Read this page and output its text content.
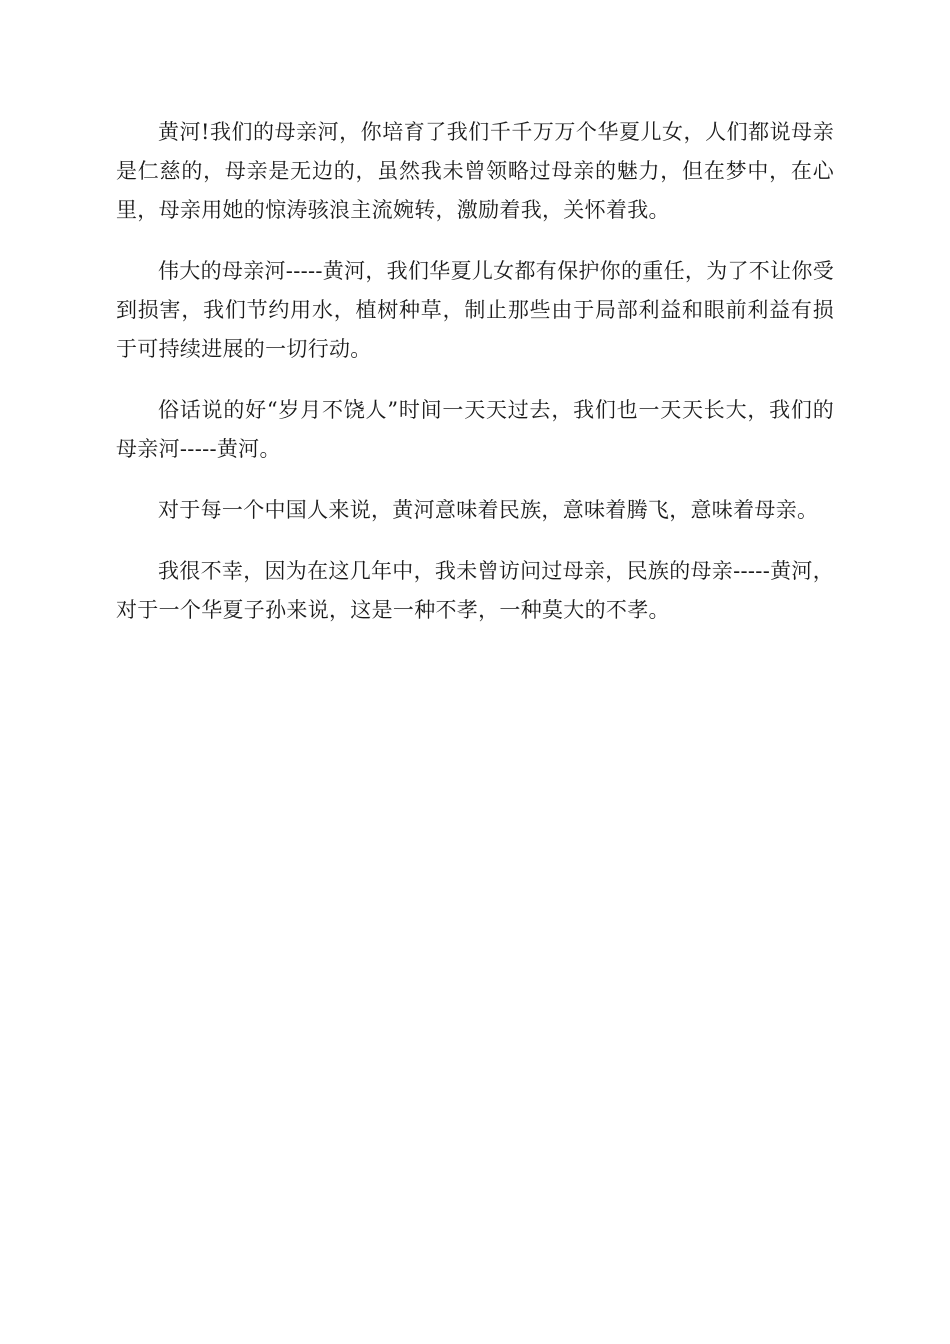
黄河!我们的母亲河，你培育了我们千千万万个华夏儿女，人们都说母亲是仁慈的，母亲是无边的，虽然我未曾领略过母亲的魅力，但在梦中，在心里，母亲用她的惊涛骇浪主流婉转，激励着我，关怀着我。

伟大的母亲河-----黄河，我们华夏儿女都有保护你的重任，为了不让你受到损害，我们节约用水，植树种草，制止那些由于局部利益和眼前利益有损于可持续进展的一切行动。

俗话说的好“岁月不饶人”时间一天天过去，我们也一天天长大，我们的母亲河-----黄河。

对于每一个中国人来说，黄河意味着民族，意味着腾飞，意味着母亲。

我很不幸，因为在这几年中，我未曾访问过母亲，民族的母亲-----黄河，对于一个华夏子孙来说，这是一种不孝，一种莫大的不孝。
